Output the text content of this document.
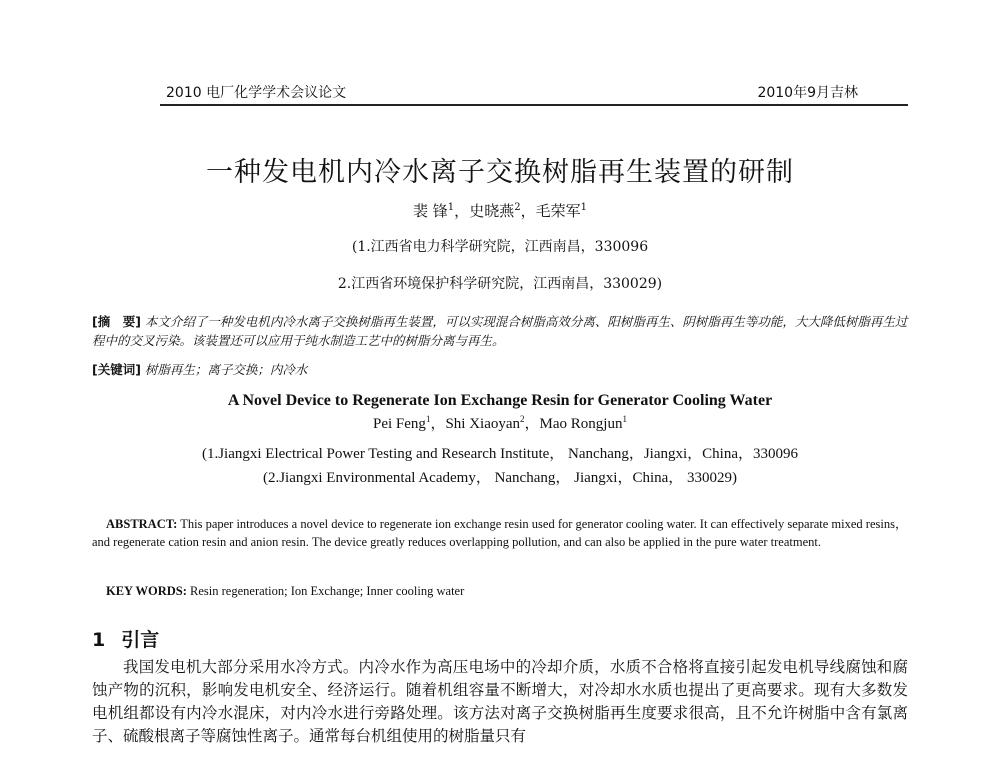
2010 电厂化学学术会议论文	2010年9月吉林
一种发电机内冷水离子交换树脂再生装置的研制
裴 锋$^1$，史晓燕$^2$，毛荣军$^1$
(1.江西省电力科学研究院，江西南昌，330096
2.江西省环境保护科学研究院，江西南昌，330029)
[摘　要] 本文介绍了一种发电机内冷水离子交换树脂再生装置，可以实现混合树脂高效分离、阳树脂再生、阴树脂再生等功能，大大降低树脂再生过程中的交叉污染。该装置还可以应用于纯水制造工艺中的树脂分离与再生。
[关键词] 树脂再生；离子交换；内冷水
A Novel Device to Regenerate Ion Exchange Resin for Generator Cooling Water
Pei Feng$^1$，Shi Xiaoyan$^2$，Mao Rongjun$^1$
(1.Jiangxi Electrical Power Testing and Research Institute， Nanchang，Jiangxi，China，330096
(2.Jiangxi Environmental Academy， Nanchang， Jiangxi，China， 330029)
ABSTRACT: This paper introduces a novel device to regenerate ion exchange resin used for generator cooling water. It can effectively separate mixed resins， and regenerate cation resin and anion resin. The device greatly reduces overlapping pollution, and can also be applied in the pure water treatment.
KEY WORDS: Resin regeneration; Ion Exchange; Inner cooling water
1 引言
我国发电机大部分采用水冷方式。内冷水作为高压电场中的冷却介质，水质不合格将直接引起发电机导线腐蚀和腐蚀产物的沉积，影响发电机安全、经济运行。随着机组容量不断增大，对冷却水水质也提出了更高要求。现有大多数发电机组都设有内冷水混床，对内冷水进行旁路处理。该方法对离子交换树脂再生度要求很高，且不允许树脂中含有氯离子、硫酸根离子等腐蚀性离子。通常每台机组使用的树脂量只有
